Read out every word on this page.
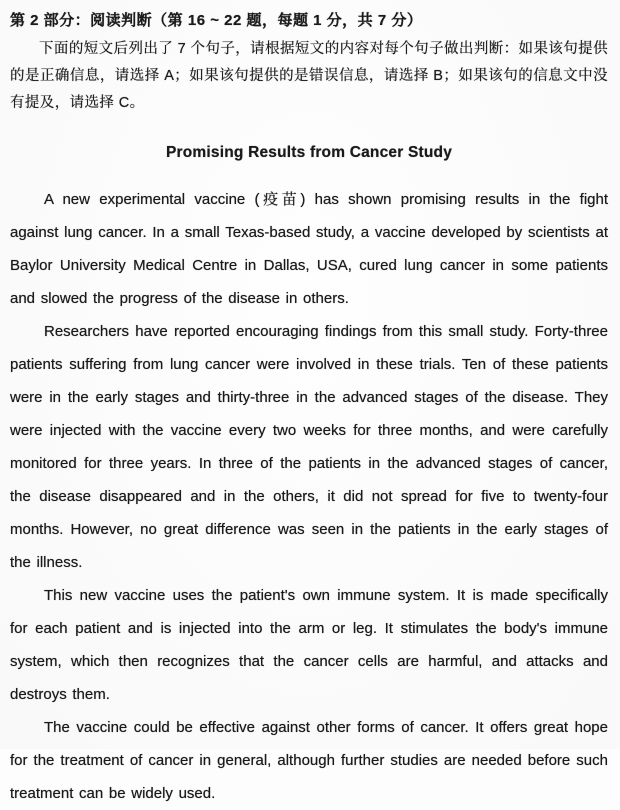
第 2 部分：阅读判断（第 16 ~ 22 题，每题 1 分，共 7 分）

下面的短文后列出了 7 个句子，请根据短文的内容对每个句子做出判断：如果该句提供的是正确信息，请选择 A；如果该句提供的是错误信息，请选择 B；如果该句的信息文中没有提及，请选择 C。

Promising Results from Cancer Study

A new experimental vaccine (疫苗) has shown promising results in the fight against lung cancer. In a small Texas-based study, a vaccine developed by scientists at Baylor University Medical Centre in Dallas, USA, cured lung cancer in some patients and slowed the progress of the disease in others.

Researchers have reported encouraging findings from this small study. Forty-three patients suffering from lung cancer were involved in these trials. Ten of these patients were in the early stages and thirty-three in the advanced stages of the disease. They were injected with the vaccine every two weeks for three months, and were carefully monitored for three years. In three of the patients in the advanced stages of cancer, the disease disappeared and in the others, it did not spread for five to twenty-four months. However, no great difference was seen in the patients in the early stages of the illness.

This new vaccine uses the patient's own immune system. It is made specifically for each patient and is injected into the arm or leg. It stimulates the body's immune system, which then recognizes that the cancer cells are harmful, and attacks and destroys them.

The vaccine could be effective against other forms of cancer. It offers great hope for the treatment of cancer in general, although further studies are needed before such treatment can be widely used.
